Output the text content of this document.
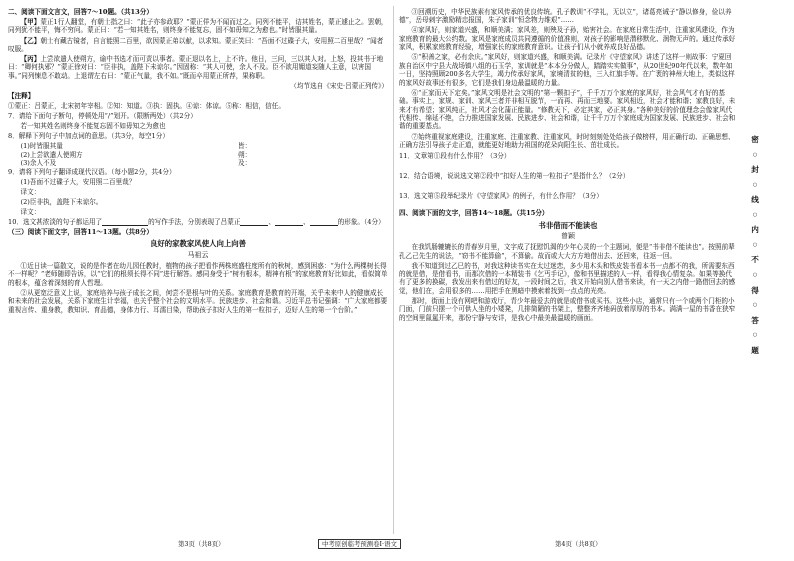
二、阅读下面文言文，回答7～10题。（共13分）

【甲】蒙正1行人翻堂，有朝士指之曰：“此子亦参政耶？”蒙正佯为不闻而过之。同列不能平，诘其姓名，蒙正遽止之。罢朝，同列犹不能平，悔不穷问。蒙正曰：“若一知其姓名，则终身不能复忘，固不如毋知之为愈也。”时皆服其量。

【乙】朝士有藏古镜者，自言能照二百里，欲因蒙正弟以献，以求知。蒙正笑曰：“吾面不过碟子大，安用照二百里哉？”闻者叹服。

【丙】上尝欲遣人使朔方，谕中书选才而可责以事者。蒙正退以名上，上不许。他日，三问，三以其人对。上怒，投其书于地曰：“卿何执邪？”蒙正徐对曰：“臣非执，盖陛下未谅尔。”因固称：“其人可使，余人不及。臣不欲用媚道妄随人主意，以害国事。”同列悚息不敢动。上退谓左右曰：“蒙正气量，我不如。”既而卒用蒙正所荐，果称职。

（均节选自《宋史·吕蒙正列传》）

【注释】

①蒙正：吕蒙正，北宋初年宰相。②知：知道。③执：固执。④谅：体谅。⑤称：相信，信任。

7．请给下面句子断句，停顿处用“/”划开。（限断两处）（共2分）

若一知其姓名则终身不能复忘固不如毋知之为愈也

8．解释下列句子中加点词的意思。（共3分，每空1分）

(1)时皆服其量	皆：
(2)上尝欲遣人使朔方	朔：
(3)余人不及	及：

9．请将下列句子翻译成现代汉语。（每小题2分，共4分）

(1)吾面不过碟子大，安用照二百里哉？

译文：

(2)臣非执，盖陛下未谅尔。

译文：

10．选文甚浓淡的句子都运用了	的写作手法，分别表现了吕蒙正	、	、	的形象。（4分）

（三）阅读下面文字，回答11～13题。（共8分）

良好的家教家风使人向上向善

马祖云

①近日读一篇散文，说的是作者在幼儿园任教时，植物的孩子把看作两株庭盛柱度所有的秋树，感到困惑：“为什么两棵树长得不一样呢？”老师随即告诉，以“它们的根须长得不同”进行解答。感同身受于“树有根本，精神有根”的家庭教育好比如此，看似简单的根本，蕴含着深刻的育人哲理。

②从更宽泛意义上说，家庭培养与孩子成长之间，何尝不是根与叶的关系。家庭教育是教育的开端，关乎未来中人的健康成长和未来的社会发展，关系下家庭生计幸福，也关乎整个社会的文明水平。民族进步、社会和谐。习近平总书记强调：“广大家庭都要重视言传、重身教，教知识、育品德，身体力行、耳濡目染，帮助孩子扣好人生的第一粒扣子，迈好人生的第一个台阶。”

③回溯历史，中华民族素有家风传承的优良传统。孔子教训“不学礼，无以立”，诸葛亮诫子“静以修身，俭以养德”，岳母刺字激励精忠报国，朱子家训“恒念物力维艰”……

④家风好，则家道兴盛，和顺美满；家风差，则殃及子孙，贻害社会。在家庭日常生活中，注重家风建设，作为家庭教育的最大公约数。家风是家庭成员共同遵循的价值准则，对孩子的影响是潜移默化、润物无声的。通过传承好家风，积累家庭教育经验，增强家长的家庭教育意识。让孩子们从小就养成良好品德。

⑤“积善之家，必有余庆。”家风好，则家道兴盛，和顺美满。记录片《守望家风》讲述了这样一则故事：宁夏回族自治区中宁县大战场镇八组的石玉学，家训就是“本本分分做人，踏踏实实做事”，从20世纪90年代以来，数年如一日，坚持照顾200多名大学生，竭力传承好家风，家境清贫的他，三入红旗手等。在广袤的神州大地上，类似这样的家风好故事还有很多，它们是我们身边最温暖的力量。

⑥“正家而天下定矣。”家风文明是社会文明的“第一颗扣子”，千千万万个家庭的家风好，社会风气才有好的基础。事实上，家规、家训、家风三者并非相互脱节，一而再、再而三地要。家风相近，社会才能和谐；家教良好，未来才有希望；家风纯正，社风才会化蒲正能量。“修教天下，必定其家，必正其身。”各种美好的价值理念会像家风代代相传、绵延不绝，合力推进国家发展、民族进步、社会和谐，让千千万万个家庭成为国家发展、民族进步、社会和谐的重要基点。

⑦始终重视家庭建设，注重家庭、注重家教、注重家风，时时刻刻处处给孩子做榜样，用正确行动、正确思想、正确方法引导孩子走正道，就能更好地助力祖国的花朵向阳生长、茁壮成长。

11．文章第①段有什么作用？（3分）

12．结合语境，说说选文第②段中“扣好人生的第一粒扣子”是指什么？（2分）

13．选文第⑤段举纪录片《守望家风》的例子，有什么作用？（3分）

四、阅读下面的文字，回答14～18题。（共15分）

书非借而不能读也

曾颖

在我饥肠辘辘长的青春岁月里，文字成了抚慰饥渴的少年心灵的一个主题词，便是“书非借不能读也”。按照前辈孔乙己先生的说法，“窃书不能算偷”，不算偷。故而或大大方方地借出去、还回来，往返一回。

我不知道到过乙巳的书，对我这种读书实在太过迷恋，多少用木头和铁皮装书看本书一点都不的我，所需要东西的就是借，是借看书，而那次借的一本精装书《乞丐手记》，像和书里描述的人一样，看得我心情复杂。如果等换代有了更多的换碳，我发出来有借过的好友，一段时间之后，我又开始向别人借书来读，有一天之内借一路借回去的感觉，他们在，会用很多的……用把手在黑暗中摸索着找到一点点的光亮。

那时，街面上没有网吧和游戏厅，青少年最爱去的就是或借书或买书。这些小店，通常只有一个或两个门柜的小门面，门前只摆一个可供人坐的小矮凳，几排简陋的书架上，整整齐齐地码放着厚厚的书本。满满一屋的书香在狭窄的空间里氤氲开来，那份宁静与安详，是我心中最美最温暖的画面。

密
○
封
○
线
○
内
○
不
○
得
○
答
○
题
第3页（共8页）	中考原创临考预测卷Ⅰ·语文	第4页（共8页）
